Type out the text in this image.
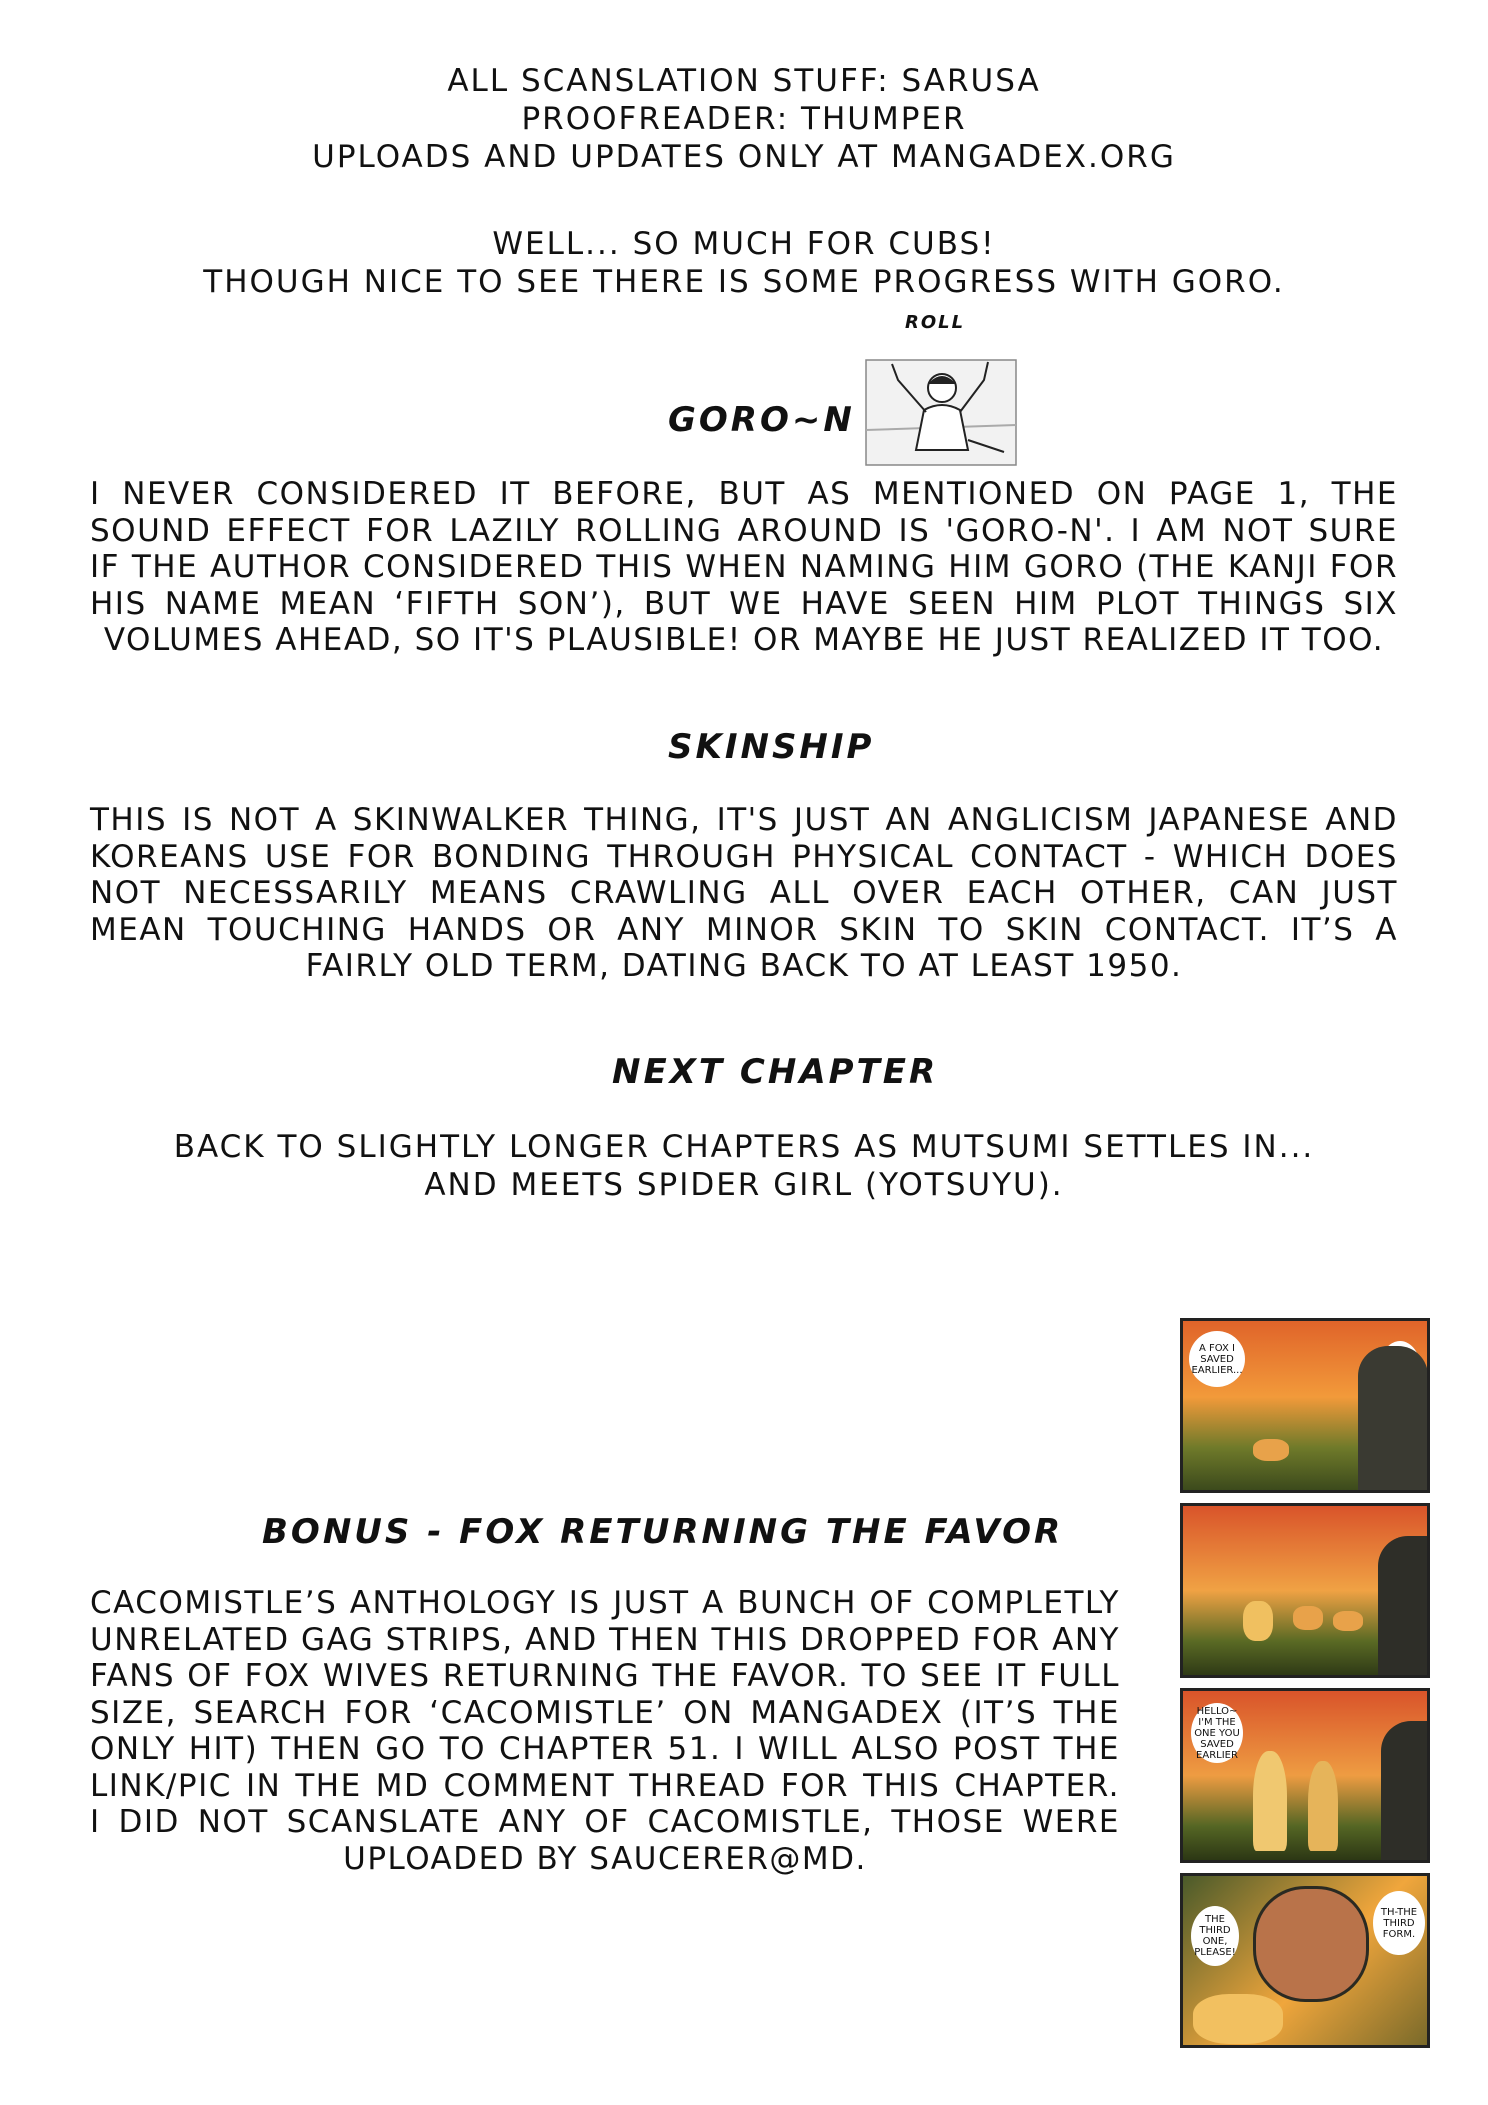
ALL SCANSLATION STUFF: SARUSA
PROOFREADER: THUMPER
UPLOADS AND UPDATES ONLY AT MANGADEX.ORG
WELL... SO MUCH FOR CUBS!
THOUGH NICE TO SEE THERE IS SOME PROGRESS WITH GORO.
ROLL
GORO~N
I NEVER CONSIDERED IT BEFORE, BUT AS MENTIONED ON PAGE 1, THE SOUND EFFECT FOR LAZILY ROLLING AROUND IS 'GORO-N'. I AM NOT SURE IF THE AUTHOR CONSIDERED THIS WHEN NAMING HIM GORO (THE KANJI FOR HIS NAME MEAN ‘FIFTH SON’), BUT WE HAVE SEEN HIM PLOT THINGS SIX VOLUMES AHEAD, SO IT'S PLAUSIBLE! OR MAYBE HE JUST REALIZED IT TOO.
SKINSHIP
THIS IS NOT A SKINWALKER THING, IT'S JUST AN ANGLICISM JAPANESE AND KOREANS USE FOR BONDING THROUGH PHYSICAL CONTACT - WHICH DOES NOT NECESSARILY MEANS CRAWLING ALL OVER EACH OTHER, CAN JUST MEAN TOUCHING HANDS OR ANY MINOR SKIN TO SKIN CONTACT. IT’S A FAIRLY OLD TERM, DATING BACK TO AT LEAST 1950.
NEXT CHAPTER
BACK TO SLIGHTLY LONGER CHAPTERS AS MUTSUMI SETTLES IN...
AND MEETS SPIDER GIRL (YOTSUYU).
BONUS - FOX RETURNING THE FAVOR
CACOMISTLE’S ANTHOLOGY IS JUST A BUNCH OF COMPLETLY UNRELATED GAG STRIPS, AND THEN THIS DROPPED FOR ANY FANS OF FOX WIVES RETURNING THE FAVOR. TO SEE IT FULL SIZE, SEARCH FOR ‘CACOMISTLE’ ON MANGADEX (IT’S THE ONLY HIT) THEN GO TO CHAPTER 51. I WILL ALSO POST THE LINK/PIC IN THE MD COMMENT THREAD FOR THIS CHAPTER. I DID NOT SCANSLATE ANY OF CACOMISTLE, THOSE WERE UPLOADED BY SAUCERER@MD.
A FOX I SAVED EARLIER...
HELLO~ I'M THE ONE YOU SAVED EARLIER
THE THIRD ONE, PLEASE!
TH-THE THIRD FORM.
